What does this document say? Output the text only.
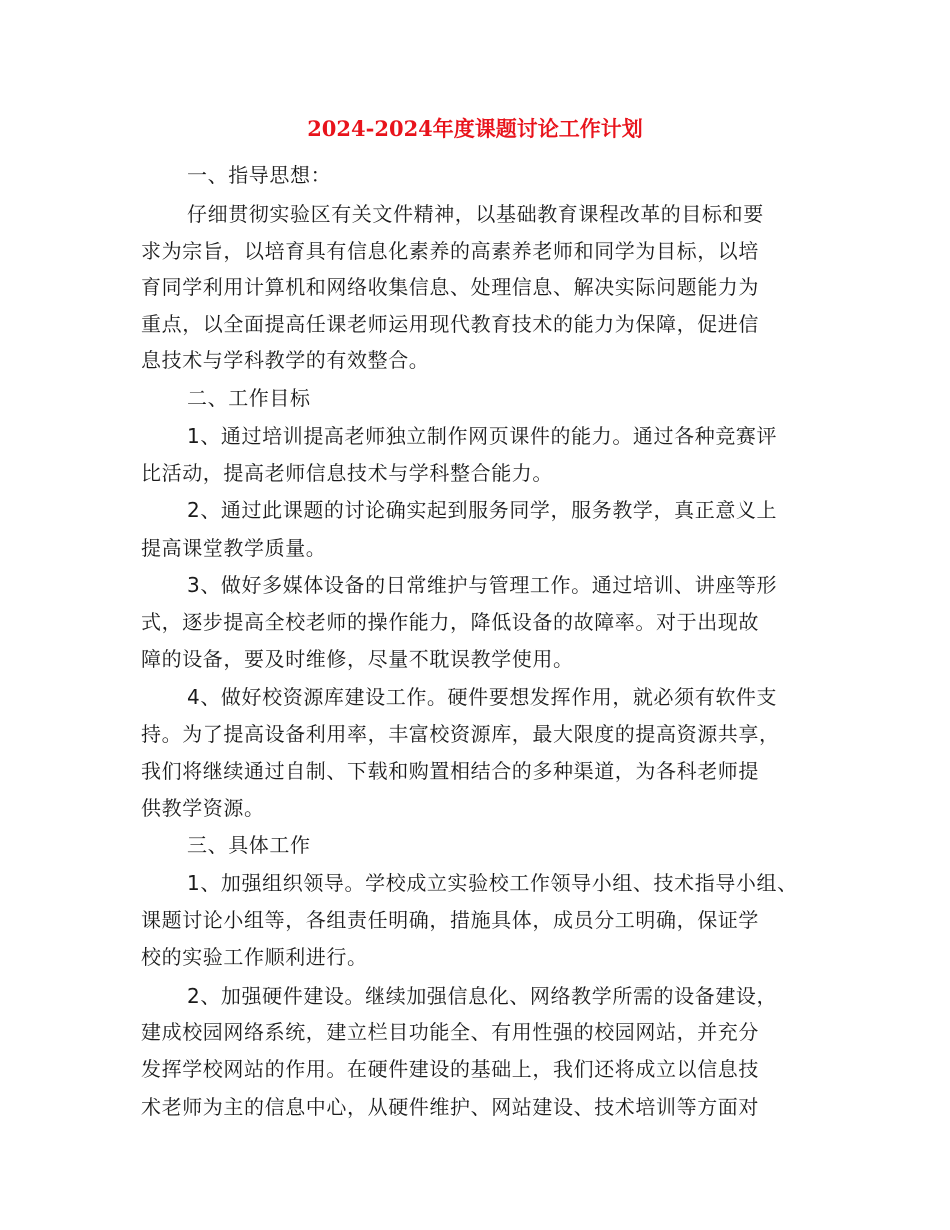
2024-2024年度课题讨论工作计划
一、指导思想：
仔细贯彻实验区有关文件精神，以基础教育课程改革的目标和要
求为宗旨，以培育具有信息化素养的高素养老师和同学为目标，以培
育同学利用计算机和网络收集信息、处理信息、解决实际问题能力为
重点，以全面提高任课老师运用现代教育技术的能力为保障，促进信
息技术与学科教学的有效整合。
二、工作目标
1、通过培训提高老师独立制作网页课件的能力。通过各种竞赛评
比活动，提高老师信息技术与学科整合能力。
2、通过此课题的讨论确实起到服务同学，服务教学，真正意义上
提高课堂教学质量。
3、做好多媒体设备的日常维护与管理工作。通过培训、讲座等形
式，逐步提高全校老师的操作能力，降低设备的故障率。对于出现故
障的设备，要及时维修，尽量不耽误教学使用。
4、做好校资源库建设工作。硬件要想发挥作用，就必须有软件支
持。为了提高设备利用率，丰富校资源库，最大限度的提高资源共享，
我们将继续通过自制、下载和购置相结合的多种渠道，为各科老师提
供教学资源。
三、具体工作
1、加强组织领导。学校成立实验校工作领导小组、技术指导小组、
课题讨论小组等，各组责任明确，措施具体，成员分工明确，保证学
校的实验工作顺利进行。
2、加强硬件建设。继续加强信息化、网络教学所需的设备建设，
建成校园网络系统，建立栏目功能全、有用性强的校园网站，并充分
发挥学校网站的作用。在硬件建设的基础上，我们还将成立以信息技
术老师为主的信息中心，从硬件维护、网站建设、技术培训等方面对
